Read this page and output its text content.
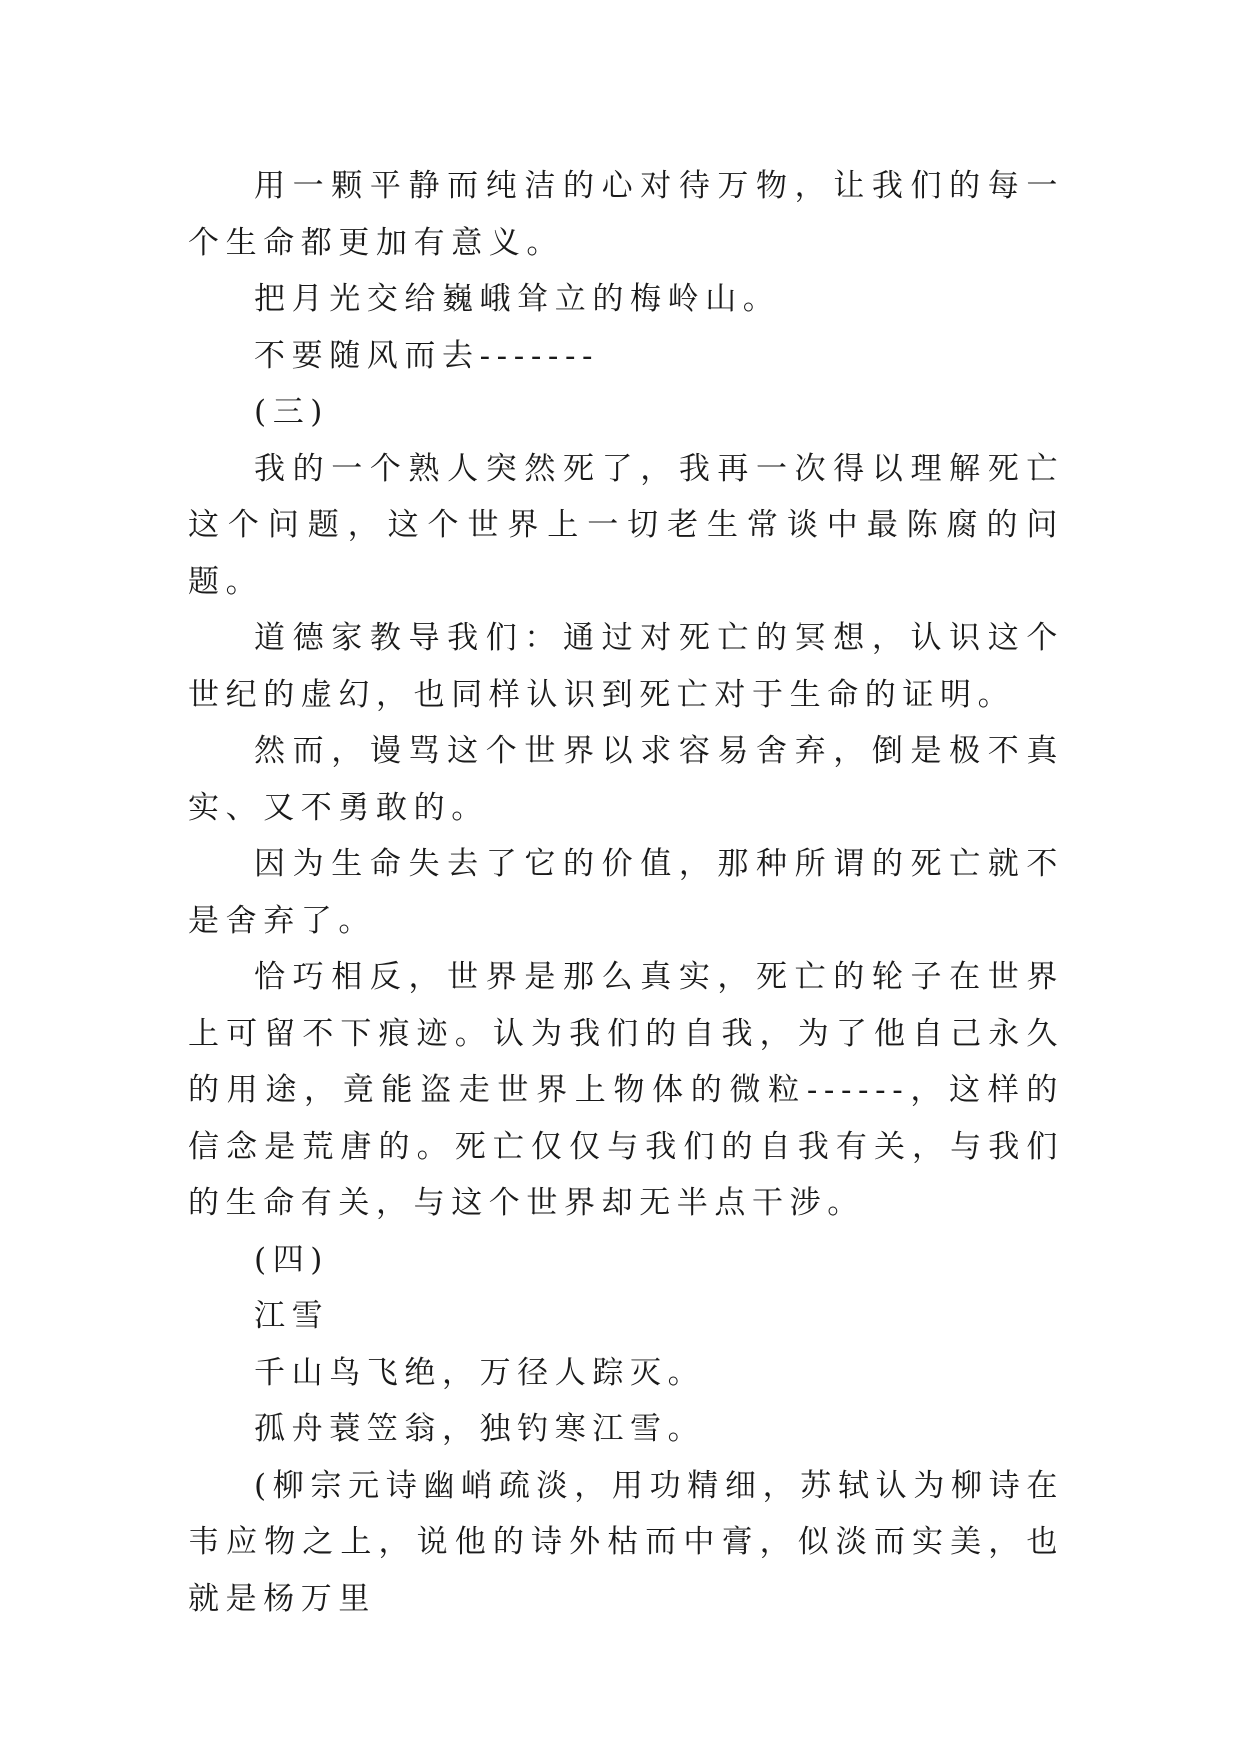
用一颗平静而纯洁的心对待万物，让我们的每一个生命都更加有意义。

把月光交给巍峨耸立的梅岭山。

不要随风而去-------

(三)

我的一个熟人突然死了，我再一次得以理解死亡这个问题，这个世界上一切老生常谈中最陈腐的问题。

道德家教导我们：通过对死亡的冥想，认识这个世纪的虚幻，也同样认识到死亡对于生命的证明。

然而，谩骂这个世界以求容易舍弃，倒是极不真实、又不勇敢的。

因为生命失去了它的价值，那种所谓的死亡就不是舍弃了。

恰巧相反，世界是那么真实，死亡的轮子在世界上可留不下痕迹。认为我们的自我，为了他自己永久的用途，竟能盗走世界上物体的微粒------，这样的信念是荒唐的。死亡仅仅与我们的自我有关，与我们的生命有关，与这个世界却无半点干涉。

(四)

江雪

千山鸟飞绝，万径人踪灭。

孤舟蓑笠翁，独钓寒江雪。

(柳宗元诗幽峭疏淡，用功精细，苏轼认为柳诗在韦应物之上，说他的诗外枯而中膏，似淡而实美，也就是杨万里
